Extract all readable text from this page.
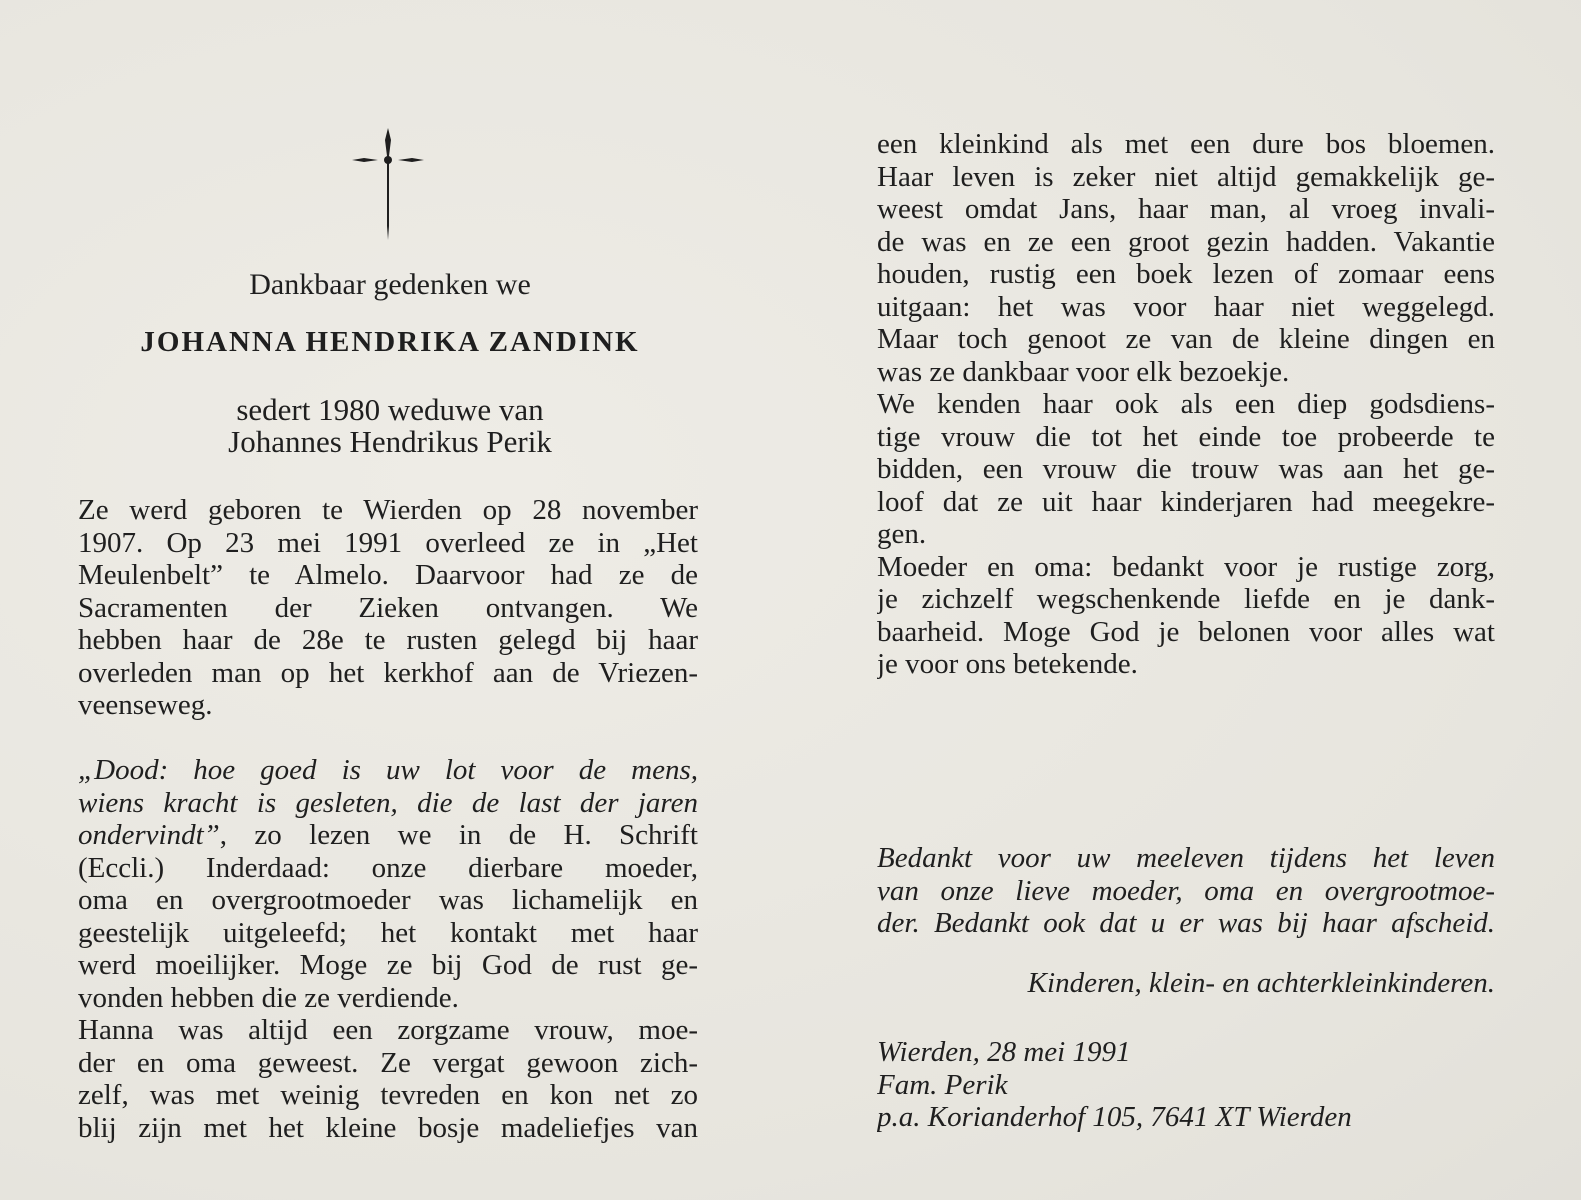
Dankbaar gedenken we
JOHANNA HENDRIKA ZANDINK
sedert 1980 weduwe van
Johannes Hendrikus Perik
Ze werd geboren te Wierden op 28 november
1907. Op 23 mei 1991 overleed ze in „Het
Meulenbelt” te Almelo. Daarvoor had ze de
Sacramenten der Zieken ontvangen. We
hebben haar de 28e te rusten gelegd bij haar
overleden man op het kerkhof aan de Vriezen-
veenseweg.
„Dood: hoe goed is uw lot voor de mens,
wiens kracht is gesleten, die de last der jaren
ondervindt”, zo lezen we in de H. Schrift
(Eccli.) Inderdaad: onze dierbare moeder,
oma en overgrootmoeder was lichamelijk en
geestelijk uitgeleefd; het kontakt met haar
werd moeilijker. Moge ze bij God de rust ge-
vonden hebben die ze verdiende.
Hanna was altijd een zorgzame vrouw, moe-
der en oma geweest. Ze vergat gewoon zich-
zelf, was met weinig tevreden en kon net zo
blij zijn met het kleine bosje madeliefjes van
een kleinkind als met een dure bos bloemen.
Haar leven is zeker niet altijd gemakkelijk ge-
weest omdat Jans, haar man, al vroeg invali-
de was en ze een groot gezin hadden. Vakantie
houden, rustig een boek lezen of zomaar eens
uitgaan: het was voor haar niet weggelegd.
Maar toch genoot ze van de kleine dingen en
was ze dankbaar voor elk bezoekje.
We kenden haar ook als een diep godsdiens-
tige vrouw die tot het einde toe probeerde te
bidden, een vrouw die trouw was aan het ge-
loof dat ze uit haar kinderjaren had meegekre-
gen.
Moeder en oma: bedankt voor je rustige zorg,
je zichzelf wegschenkende liefde en je dank-
baarheid. Moge God je belonen voor alles wat
je voor ons betekende.
Bedankt voor uw meeleven tijdens het leven
van onze lieve moeder, oma en overgrootmoe-
der. Bedankt ook dat u er was bij haar afscheid.
Kinderen, klein- en achterkleinkinderen.
Wierden, 28 mei 1991
Fam. Perik
p.a. Korianderhof 105, 7641 XT Wierden
